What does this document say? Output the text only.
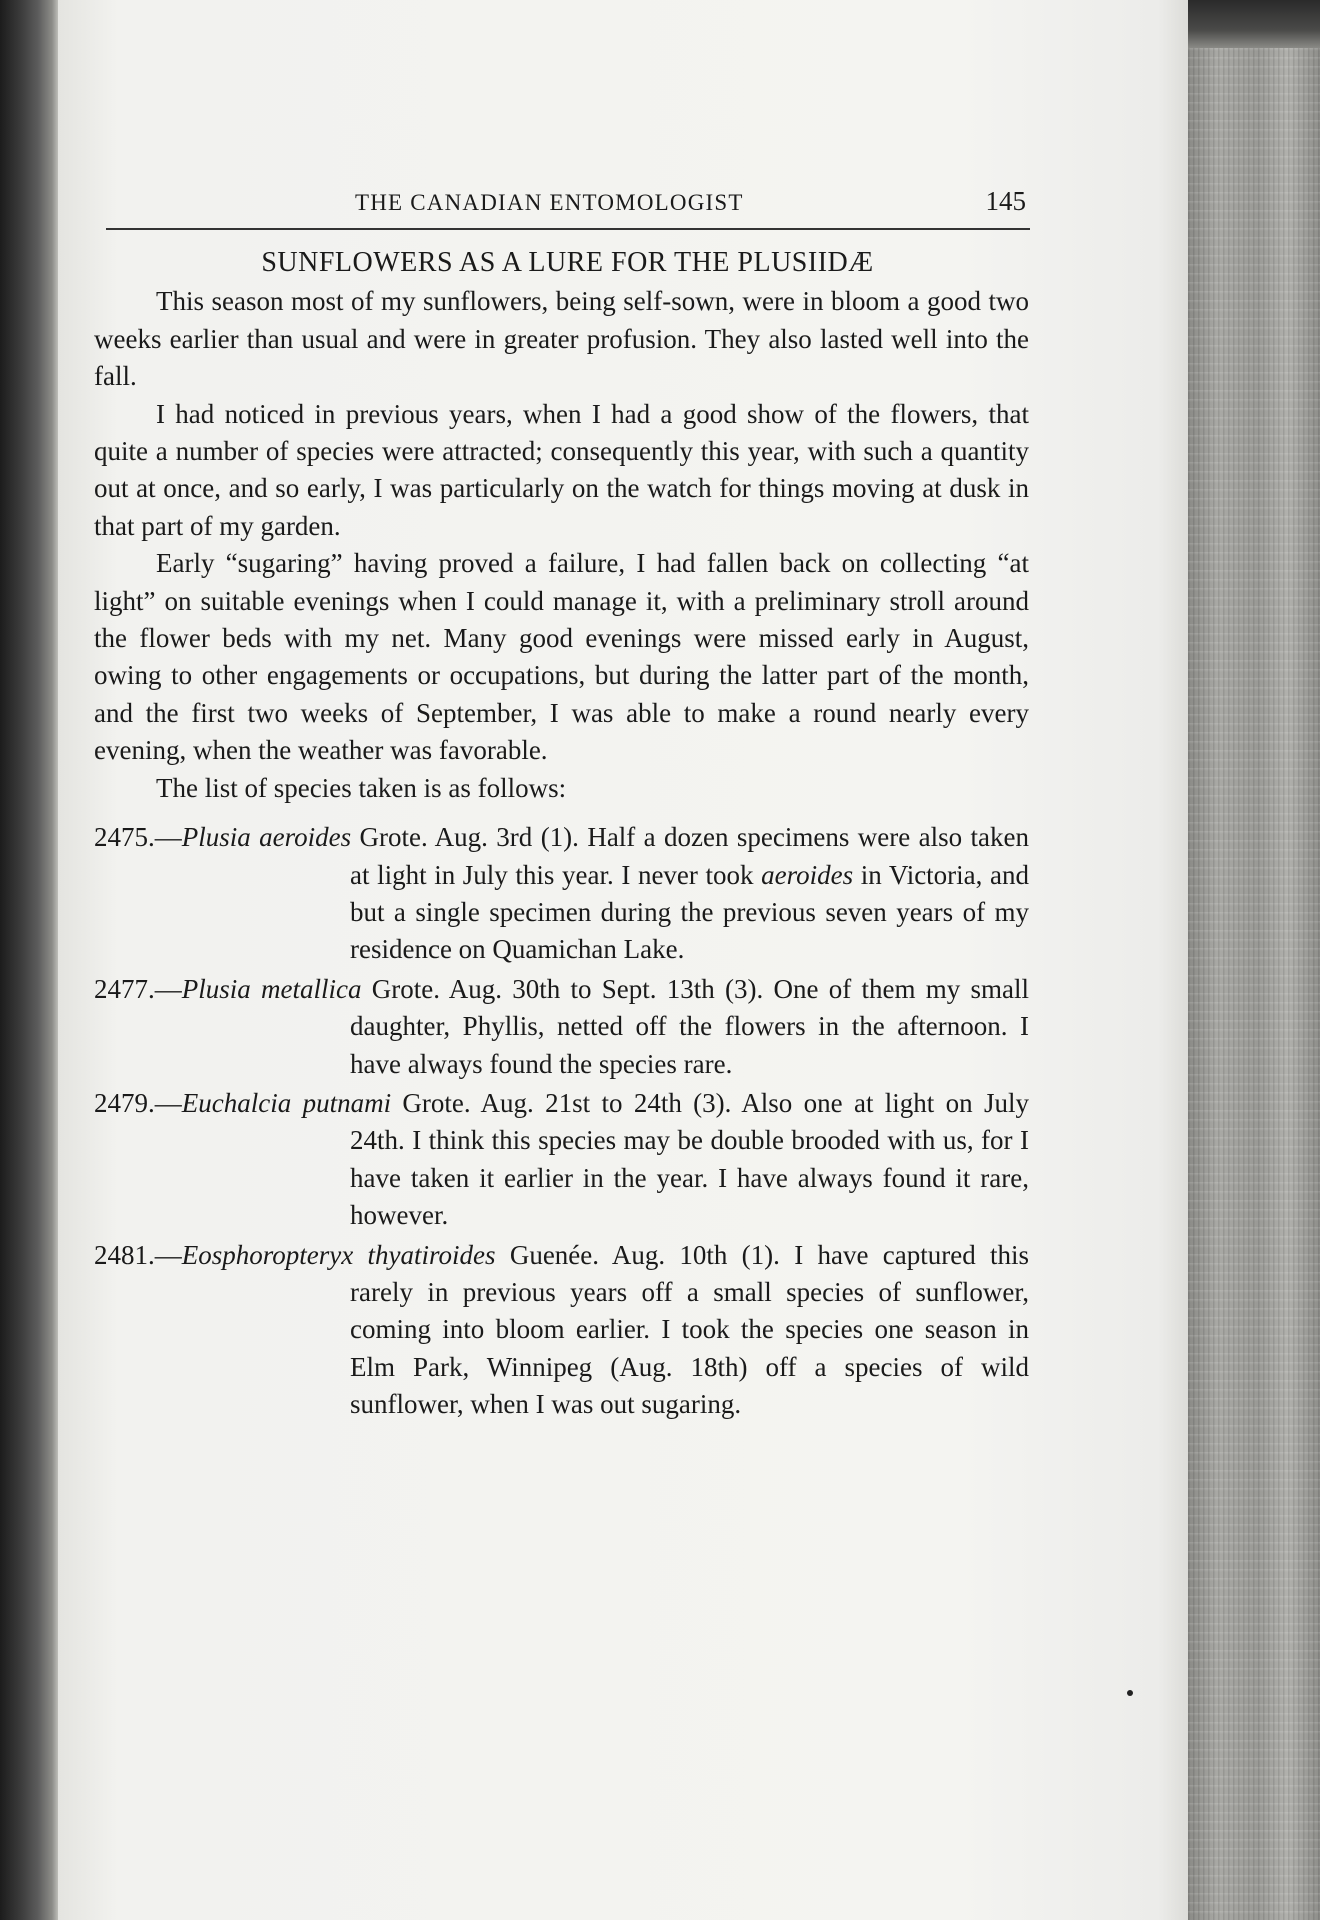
THE CANADIAN ENTOMOLOGIST	145
SUNFLOWERS AS A LURE FOR THE PLUSIIDÆ

This season most of my sunflowers, being self-sown, were in bloom a good two weeks earlier than usual and were in greater profusion. They also lasted well into the fall.

I had noticed in previous years, when I had a good show of the flowers, that quite a number of species were attracted; consequently this year, with such a quantity out at once, and so early, I was particularly on the watch for things moving at dusk in that part of my garden.

Early “sugaring” having proved a failure, I had fallen back on collecting “at light” on suitable evenings when I could manage it, with a preliminary stroll around the flower beds with my net. Many good evenings were missed early in August, owing to other engagements or occupations, but during the latter part of the month, and the first two weeks of September, I was able to make a round nearly every evening, when the weather was favorable.

The list of species taken is as follows:

2475.—Plusia aeroides Grote. Aug. 3rd (1). Half a dozen specimens were also taken at light in July this year. I never took aeroides in Victoria, and but a single specimen during the previous seven years of my residence on Quamichan Lake.
2477.—Plusia metallica Grote. Aug. 30th to Sept. 13th (3). One of them my small daughter, Phyllis, netted off the flowers in the afternoon. I have always found the species rare.
2479.—Euchalcia putnami Grote. Aug. 21st to 24th (3). Also one at light on July 24th. I think this species may be double brooded with us, for I have taken it earlier in the year. I have always found it rare, however.
2481.—Eosphoropteryx thyatiroides Guenée. Aug. 10th (1). I have captured this rarely in previous years off a small species of sunflower, coming into bloom earlier. I took the species one season in Elm Park, Winnipeg (Aug. 18th) off a species of wild sunflower, when I was out sugaring.
